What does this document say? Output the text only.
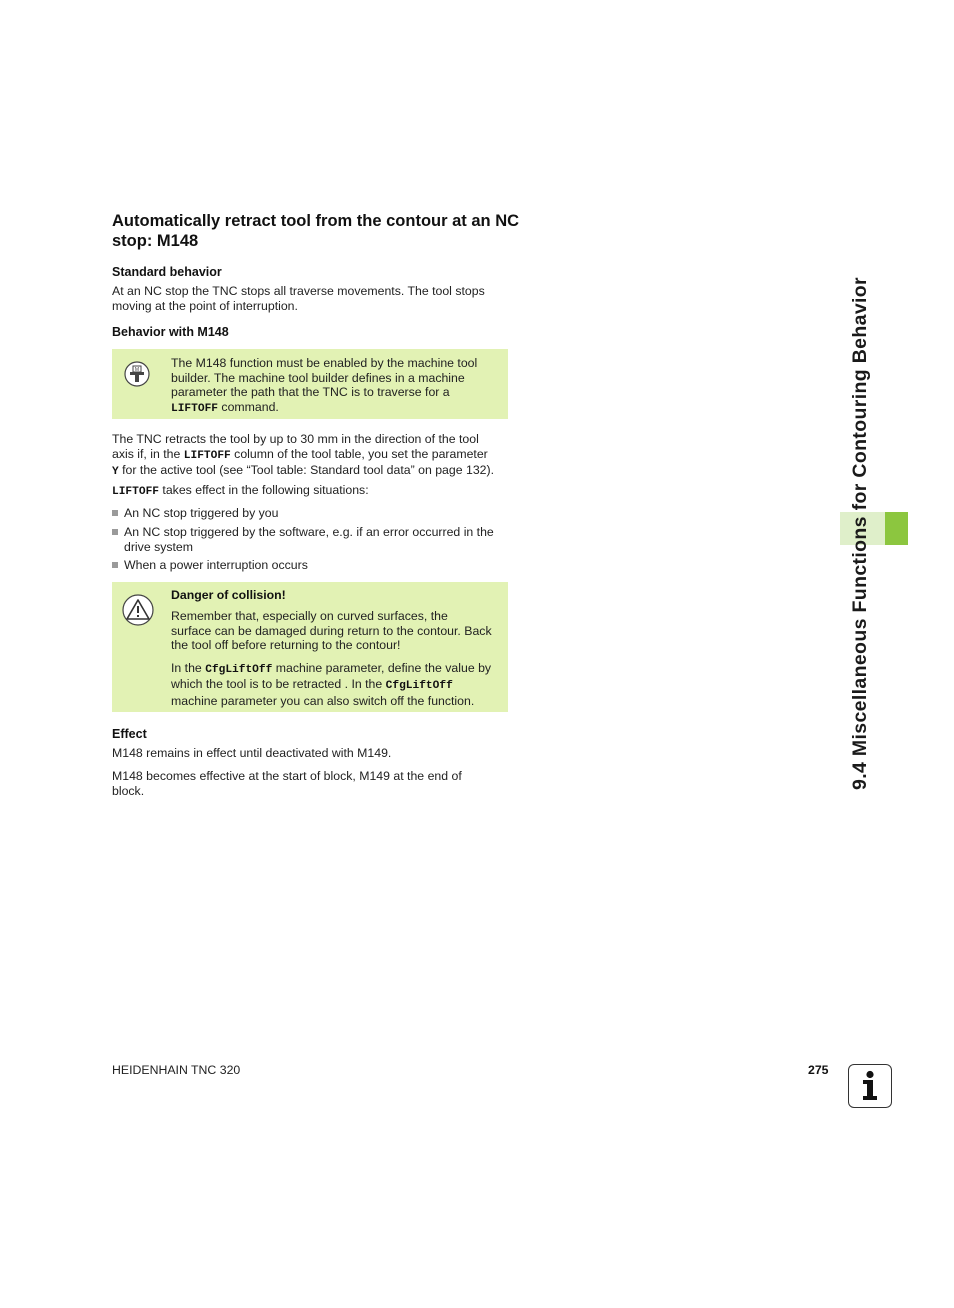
Automatically retract tool from the contour at an NC stop: M148
Standard behavior
At an NC stop the TNC stops all traverse movements. The tool stops moving at the point of interruption.
Behavior with M148
M	The M148 function must be enabled by the machine tool
builder. The machine tool builder defines in a machine
parameter the path that the TNC is to traverse for a
LIFTOFF command.
The TNC retracts the tool by up to 30 mm in the direction of the tool
axis if, in the LIFTOFF column of the tool table, you set the parameter
Y for the active tool (see “Tool table: Standard tool data” on page 132).
LIFTOFF takes effect in the following situations:
An NC stop triggered by you
An NC stop triggered by the software, e.g. if an error occurred in the
drive system
When a power interruption occurs
Danger of collision!
Remember that, especially on curved surfaces, the
surface can be damaged during return to the contour. Back
the tool off before returning to the contour!
In the CfgLiftOff machine parameter, define the value by
which the tool is to be retracted . In the CfgLiftOff
machine parameter you can also switch off the function.
Effect
M148 remains in effect until deactivated with M149.
M148 becomes effective at the start of block, M149 at the end of
block.
9.4 Miscellaneous Functions for Contouring Behavior
HEIDENHAIN TNC 320	275
